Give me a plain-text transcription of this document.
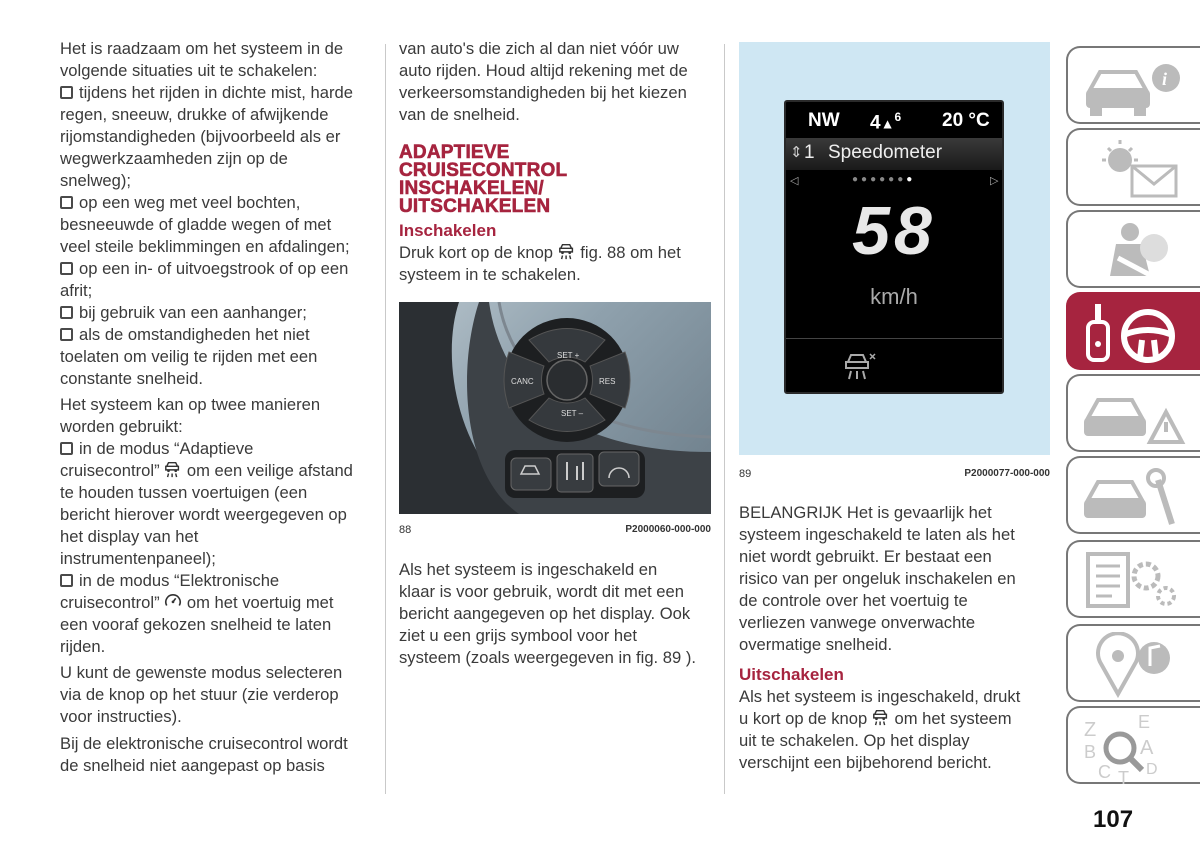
Het is raadzaam om het systeem in de
volgende situaties uit te schakelen:

tijdens het rijden in dichte mist, harde
regen, sneeuw, drukke of afwijkende
rijomstandigheden (bijvoorbeeld als er
wegwerkzaamheden zijn op de
snelweg);
op een weg met veel bochten,
besneeuwde of gladde wegen of met
veel steile beklimmingen en afdalingen;
op een in- of uitvoegstrook of op een
afrit;
bij gebruik van een aanhanger;
als de omstandigheden het niet
toelaten om veilig te rijden met een
constante snelheid.

Het systeem kan op twee manieren
worden gebruikt:

in de modus “Adaptieve
cruisecontrol” om een veilige afstand
te houden tussen voertuigen (een
bericht hierover wordt weergegeven op
het display van het
instrumentenpaneel);
in de modus “Elektronische
cruisecontrol” om het voertuig met
een vooraf gekozen snelheid te laten
rijden.

U kunt de gewenste modus selecteren
via de knop op het stuur (zie verderop
voor instructies).

Bij de elektronische cruisecontrol wordt
de snelheid niet aangepast op basis

van auto's die zich al dan niet vóór uw
auto rijden. Houd altijd rekening met de
verkeersomstandigheden bij het kiezen
van de snelheid.

ADAPTIEVE
CRUISECONTROL
INSCHAKELEN/
UITSCHAKELEN
Inschakelen

Druk kort op de knop fig. 88 om het
systeem in te schakelen.

SET +
CANC	RES
SET –
88	P2000060-000-000
Als het systeem is ingeschakeld en
klaar is voor gebruik, wordt dit met een
bericht aangegeven op het display. Ook
ziet u een grijs symbool voor het
systeem (zoals weergegeven in fig. 89 ).
NW 4▲$^6$ 20 °C
⇕ 1 Speedometer
◁	▷
●●●●●●●
58
km/h
89	P2000077-000-000

BELANGRIJK Het is gevaarlijk het
systeem ingeschakeld te laten als het
niet wordt gebruikt. Er bestaat een
risico van per ongeluk inschakelen en
de controle over het voertuig te
verliezen vanwege onverwachte
overmatige snelheid.

Uitschakelen

Als het systeem is ingeschakeld, drukt
u kort op de knop om het systeem
uit te schakelen. Op het display
verschijnt een bijbehorend bericht.

i
Z E
B A
C T D
107
